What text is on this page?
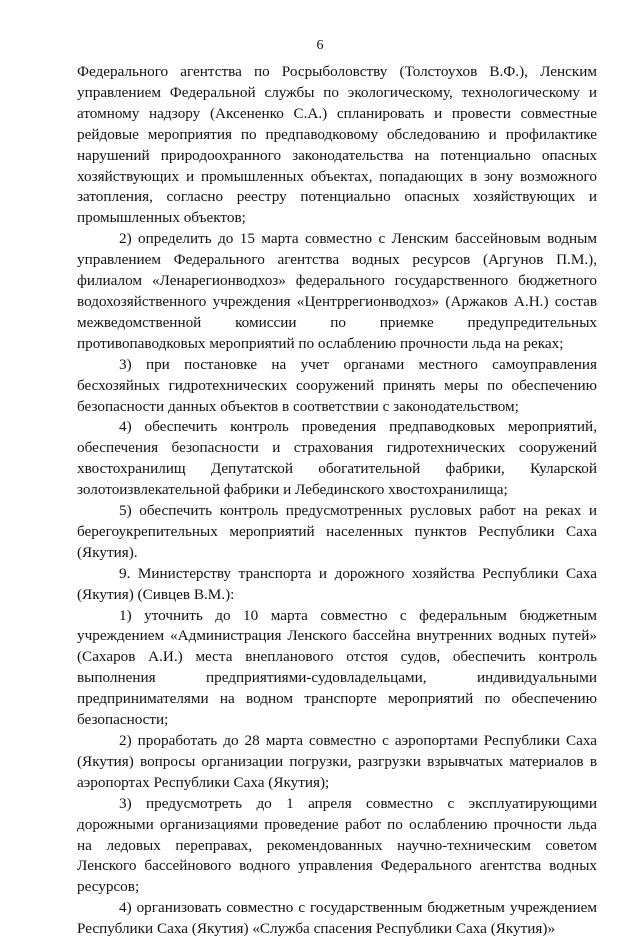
6

Федерального агентства по Росрыболовству (Толстоухов В.Ф.), Ленским управлением Федеральной службы по экологическому, технологическому и атомному надзору (Аксененко С.А.) спланировать и провести совместные рейдовые мероприятия по предпаводковому обследованию и профилактике нарушений природоохранного законодательства на потенциально опасных хозяйствующих и промышленных объектах, попадающих в зону возможного затопления, согласно реестру потенциально опасных хозяйствующих и промышленных объектов;

2) определить до 15 марта совместно с Ленским бассейновым водным управлением Федерального агентства водных ресурсов (Аргунов П.М.), филиалом «Ленарегионводхоз» федерального государственного бюджетного водохозяйственного учреждения «Центррегионводхоз» (Аржаков А.Н.) состав межведомственной комиссии по приемке предупредительных противопаводковых мероприятий по ослаблению прочности льда на реках;

3) при постановке на учет органами местного самоуправления бесхозяйных гидротехнических сооружений принять меры по обеспечению безопасности данных объектов в соответствии с законодательством;

4) обеспечить контроль проведения предпаводковых мероприятий, обеспечения безопасности и страхования гидротехнических сооружений хвостохранилищ Депутатской обогатительной фабрики, Куларской золотоизвлекательной фабрики и Лебединского хвостохранилища;

5) обеспечить контроль предусмотренных русловых работ на реках и берегоукрепительных мероприятий населенных пунктов Республики Саха (Якутия).

9. Министерству транспорта и дорожного хозяйства Республики Саха (Якутия) (Сивцев В.М.):

1) уточнить до 10 марта совместно с федеральным бюджетным учреждением «Администрация Ленского бассейна внутренних водных путей» (Сахаров А.И.) места внепланового отстоя судов, обеспечить контроль выполнения предприятиями-судовладельцами, индивидуальными предпринимателями на водном транспорте мероприятий по обеспечению безопасности;

2) проработать до 28 марта совместно с аэропортами Республики Саха (Якутия) вопросы организации погрузки, разгрузки взрывчатых материалов в аэропортах Республики Саха (Якутия);

3) предусмотреть до 1 апреля совместно с эксплуатирующими дорожными организациями проведение работ по ослаблению прочности льда на ледовых переправах, рекомендованных научно-техническим советом Ленского бассейнового водного управления Федерального агентства водных ресурсов;

4) организовать совместно с государственным бюджетным учреждением Республики Саха (Якутия) «Служба спасения Республики Саха (Якутия)»
